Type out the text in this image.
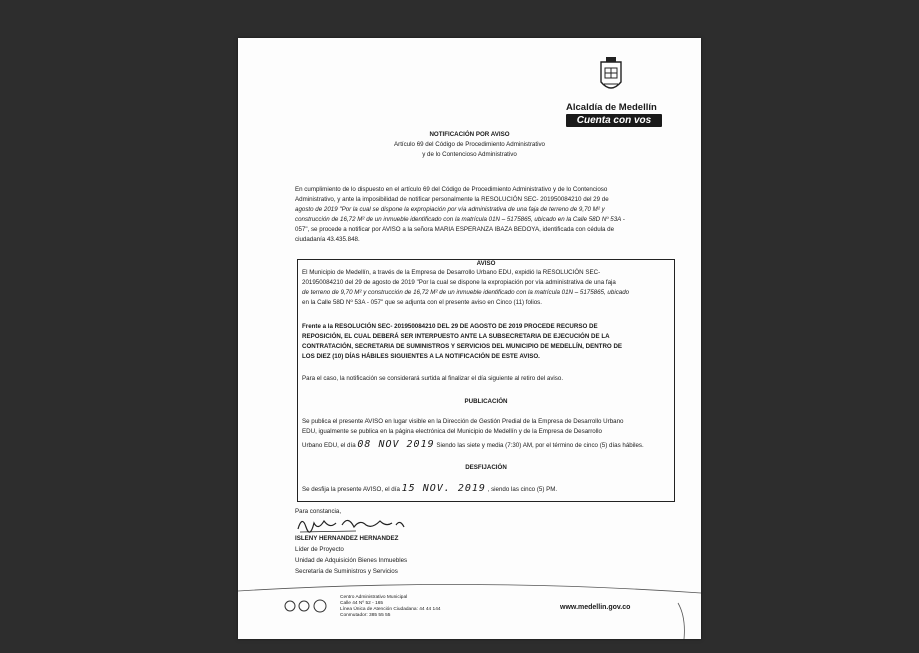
Alcaldía de Medellín
Cuenta con vos
NOTIFICACIÓN POR AVISO
Artículo 69 del Código de Procedimiento Administrativo
y de lo Contencioso Administrativo
En cumplimiento de lo dispuesto en el artículo 69 del Código de Procedimiento Administrativo y de lo Contencioso
Administrativo, y ante la imposibilidad de notificar personalmente la RESOLUCIÓN SEC- 201950084210 del 29 de
agosto de 2019 "Por la cual se dispone la expropiación por vía administrativa de una faja de terreno de 9,70 M² y
construcción de 16,72 M² de un inmueble identificado con la matrícula 01N – 5175865, ubicado en la Calle 58D Nº 53A -
057", se procede a notificar por AVISO a la señora MARIA ESPERANZA IBAZA BEDOYA, identificada con cédula de
ciudadanía 43.435.848.
AVISO
El Municipio de Medellín, a través de la Empresa de Desarrollo Urbano EDU, expidió la RESOLUCIÓN SEC-
201950084210 del 29 de agosto de 2019 "Por la cual se dispone la expropiación por vía administrativa de una faja
de terreno de 9,70 M² y construcción de 16,72 M² de un inmueble identificado con la matrícula 01N – 5175865, ubicado
en la Calle 58D Nº 53A - 057" que se adjunta con el presente aviso en Cinco (11) folios.
Frente a la RESOLUCIÓN SEC- 201950084210 DEL 29 DE AGOSTO DE 2019 PROCEDE RECURSO DE
REPOSICIÓN, EL CUAL DEBERÁ SER INTERPUESTO ANTE LA SUBSECRETARIA DE EJECUCIÓN DE LA
CONTRATACIÓN, SECRETARIA DE SUMINISTROS Y SERVICIOS DEL MUNICIPIO DE MEDELLÍN, DENTRO DE
LOS DIEZ (10) DÍAS HÁBILES SIGUIENTES A LA NOTIFICACIÓN DE ESTE AVISO.
Para el caso, la notificación se considerará surtida al finalizar el día siguiente al retiro del aviso.
PUBLICACIÓN
Se publica el presente AVISO en lugar visible en la Dirección de Gestión Predial de la Empresa de Desarrollo Urbano
EDU, igualmente se publica en la página electrónica del Municipio de Medellín y de la Empresa de Desarrollo
Urbano EDU, el día 08 NOV 2019 Siendo las siete y media (7:30) AM, por el término de cinco (5) días hábiles.
DESFIJACIÓN
Se desfija la presente AVISO, el día 15 NOV. 2019 , siendo las cinco (5) PM.
Para constancia,
ISLENY HERNANDEZ HERNANDEZ
Líder de Proyecto
Unidad de Adquisición Bienes Inmuebles
Secretaría de Suministros y Servicios
Centro Administrativo Municipal
Calle 44 Nº 52 - 165
Línea Única de Atención Ciudadana: 44 44 144
Conmutador: 385 55 55
www.medellin.gov.co
